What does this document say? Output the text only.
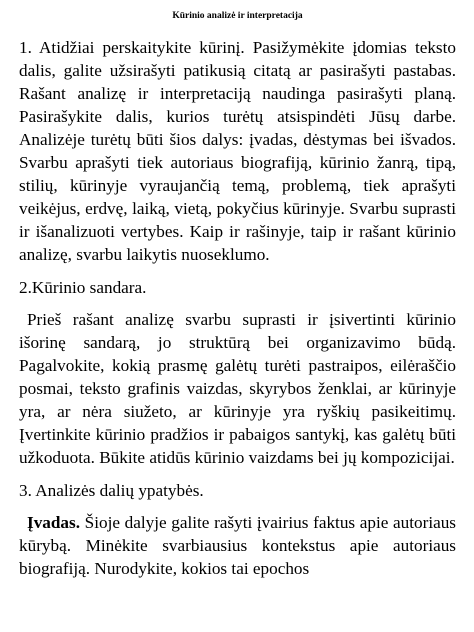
Kūrinio analizė ir interpretacija

1. Atidžiai perskaitykite kūrinį. Pasižymėkite įdomias teksto dalis, galite užsirašyti patikusią citatą ar pasirašyti pastabas. Rašant analizę ir interpretaciją naudinga pasirašyti planą. Pasirašykite dalis, kurios turėtų atsispindėti Jūsų darbe. Analizėje turėtų būti šios dalys: įvadas, dėstymas bei išvados. Svarbu aprašyti tiek autoriaus biografiją, kūrinio žanrą, tipą, stilių, kūrinyje vyraujančią temą, problemą, tiek aprašyti veikėjus, erdvę, laiką, vietą, pokyčius kūrinyje. Svarbu suprasti ir išanalizuoti vertybes. Kaip ir rašinyje, taip ir rašant kūrinio analizę, svarbu laikytis nuoseklumo.

2.Kūrinio sandara.

Prieš rašant analizę svarbu suprasti ir įsivertinti kūrinio išorinę sandarą, jo struktūrą bei organizavimo būdą. Pagalvokite, kokią prasmę galėtų turėti pastraipos, eilėraščio posmai, teksto grafinis vaizdas, skyrybos ženklai, ar kūrinyje yra, ar nėra siužeto, ar kūrinyje yra ryškių pasikeitimų. Įvertinkite kūrinio pradžios ir pabaigos santykį, kas galėtų būti užkoduota. Būkite atidūs kūrinio vaizdams bei jų kompozicijai.

3. Analizės dalių ypatybės.

Įvadas. Šioje dalyje galite rašyti įvairius faktus apie autoriaus kūrybą. Minėkite svarbiausius kontekstus apie autoriaus biografiją. Nurodykite, kokios tai epochos
